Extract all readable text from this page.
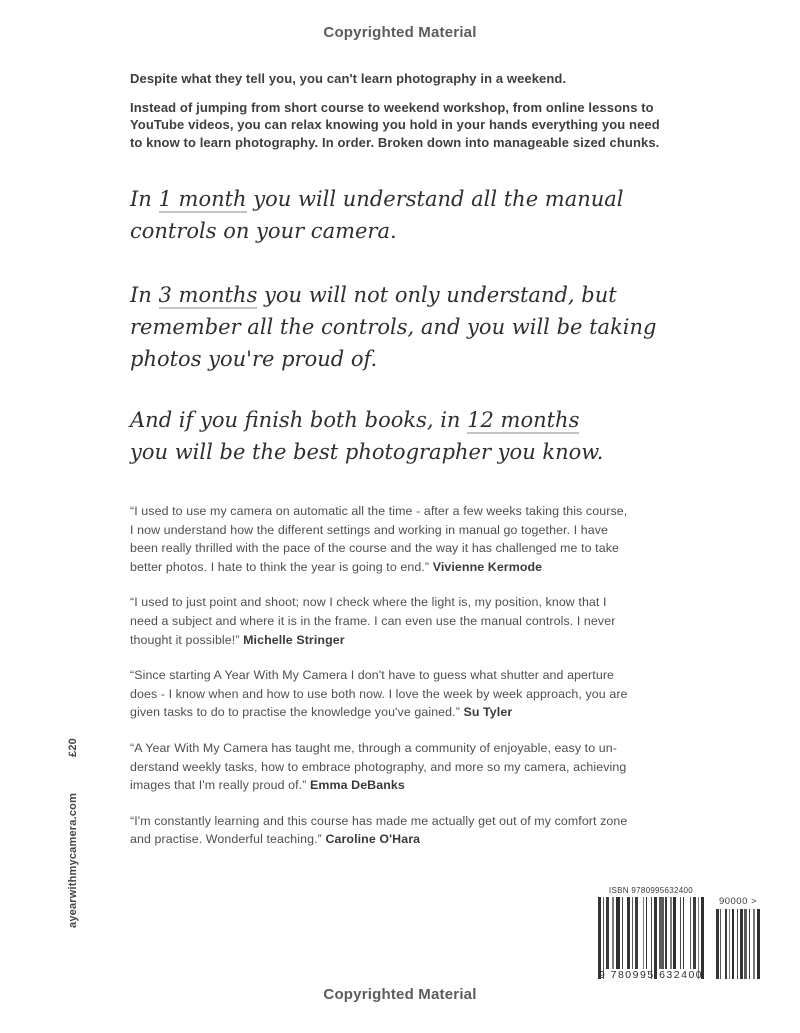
Copyrighted Material

Despite what they tell you, you can't learn photography in a weekend.

Instead of jumping from short course to weekend workshop, from online lessons to
YouTube videos, you can relax knowing you hold in your hands everything you need
to know to learn photography. In order. Broken down into manageable sized chunks.

In 1 month you will understand all the manual
controls on your camera.
In 3 months you will not only understand, but
remember all the controls, and you will be taking
photos you're proud of.
And if you finish both books, in 12 months
you will be the best photographer you know.
“I used to use my camera on automatic all the time - after a few weeks taking this course,
I now understand how the different settings and working in manual go together. I have
been really thrilled with the pace of the course and the way it has challenged me to take
better photos. I hate to think the year is going to end.” Vivienne Kermode
“I used to just point and shoot; now I check where the light is, my position, know that I
need a subject and where it is in the frame. I can even use the manual controls. I never
thought it possible!” Michelle Stringer
“Since starting A Year With My Camera I don't have to guess what shutter and aperture
does - I know when and how to use both now. I love the week by week approach, you are
given tasks to do to practise the knowledge you've gained.” Su Tyler
“A Year With My Camera has taught me, through a community of enjoyable, easy to un-
derstand weekly tasks, how to embrace photography, and more so my camera, achieving
images that I'm really proud of.” Emma DeBanks
“I'm constantly learning and this course has made me actually get out of my comfort zone
and practise. Wonderful teaching.” Caroline O'Hara
ayearwithmycamera.com
£20
ISBN 9780995632400
9 780995 632400
90000 >
Copyrighted Material
